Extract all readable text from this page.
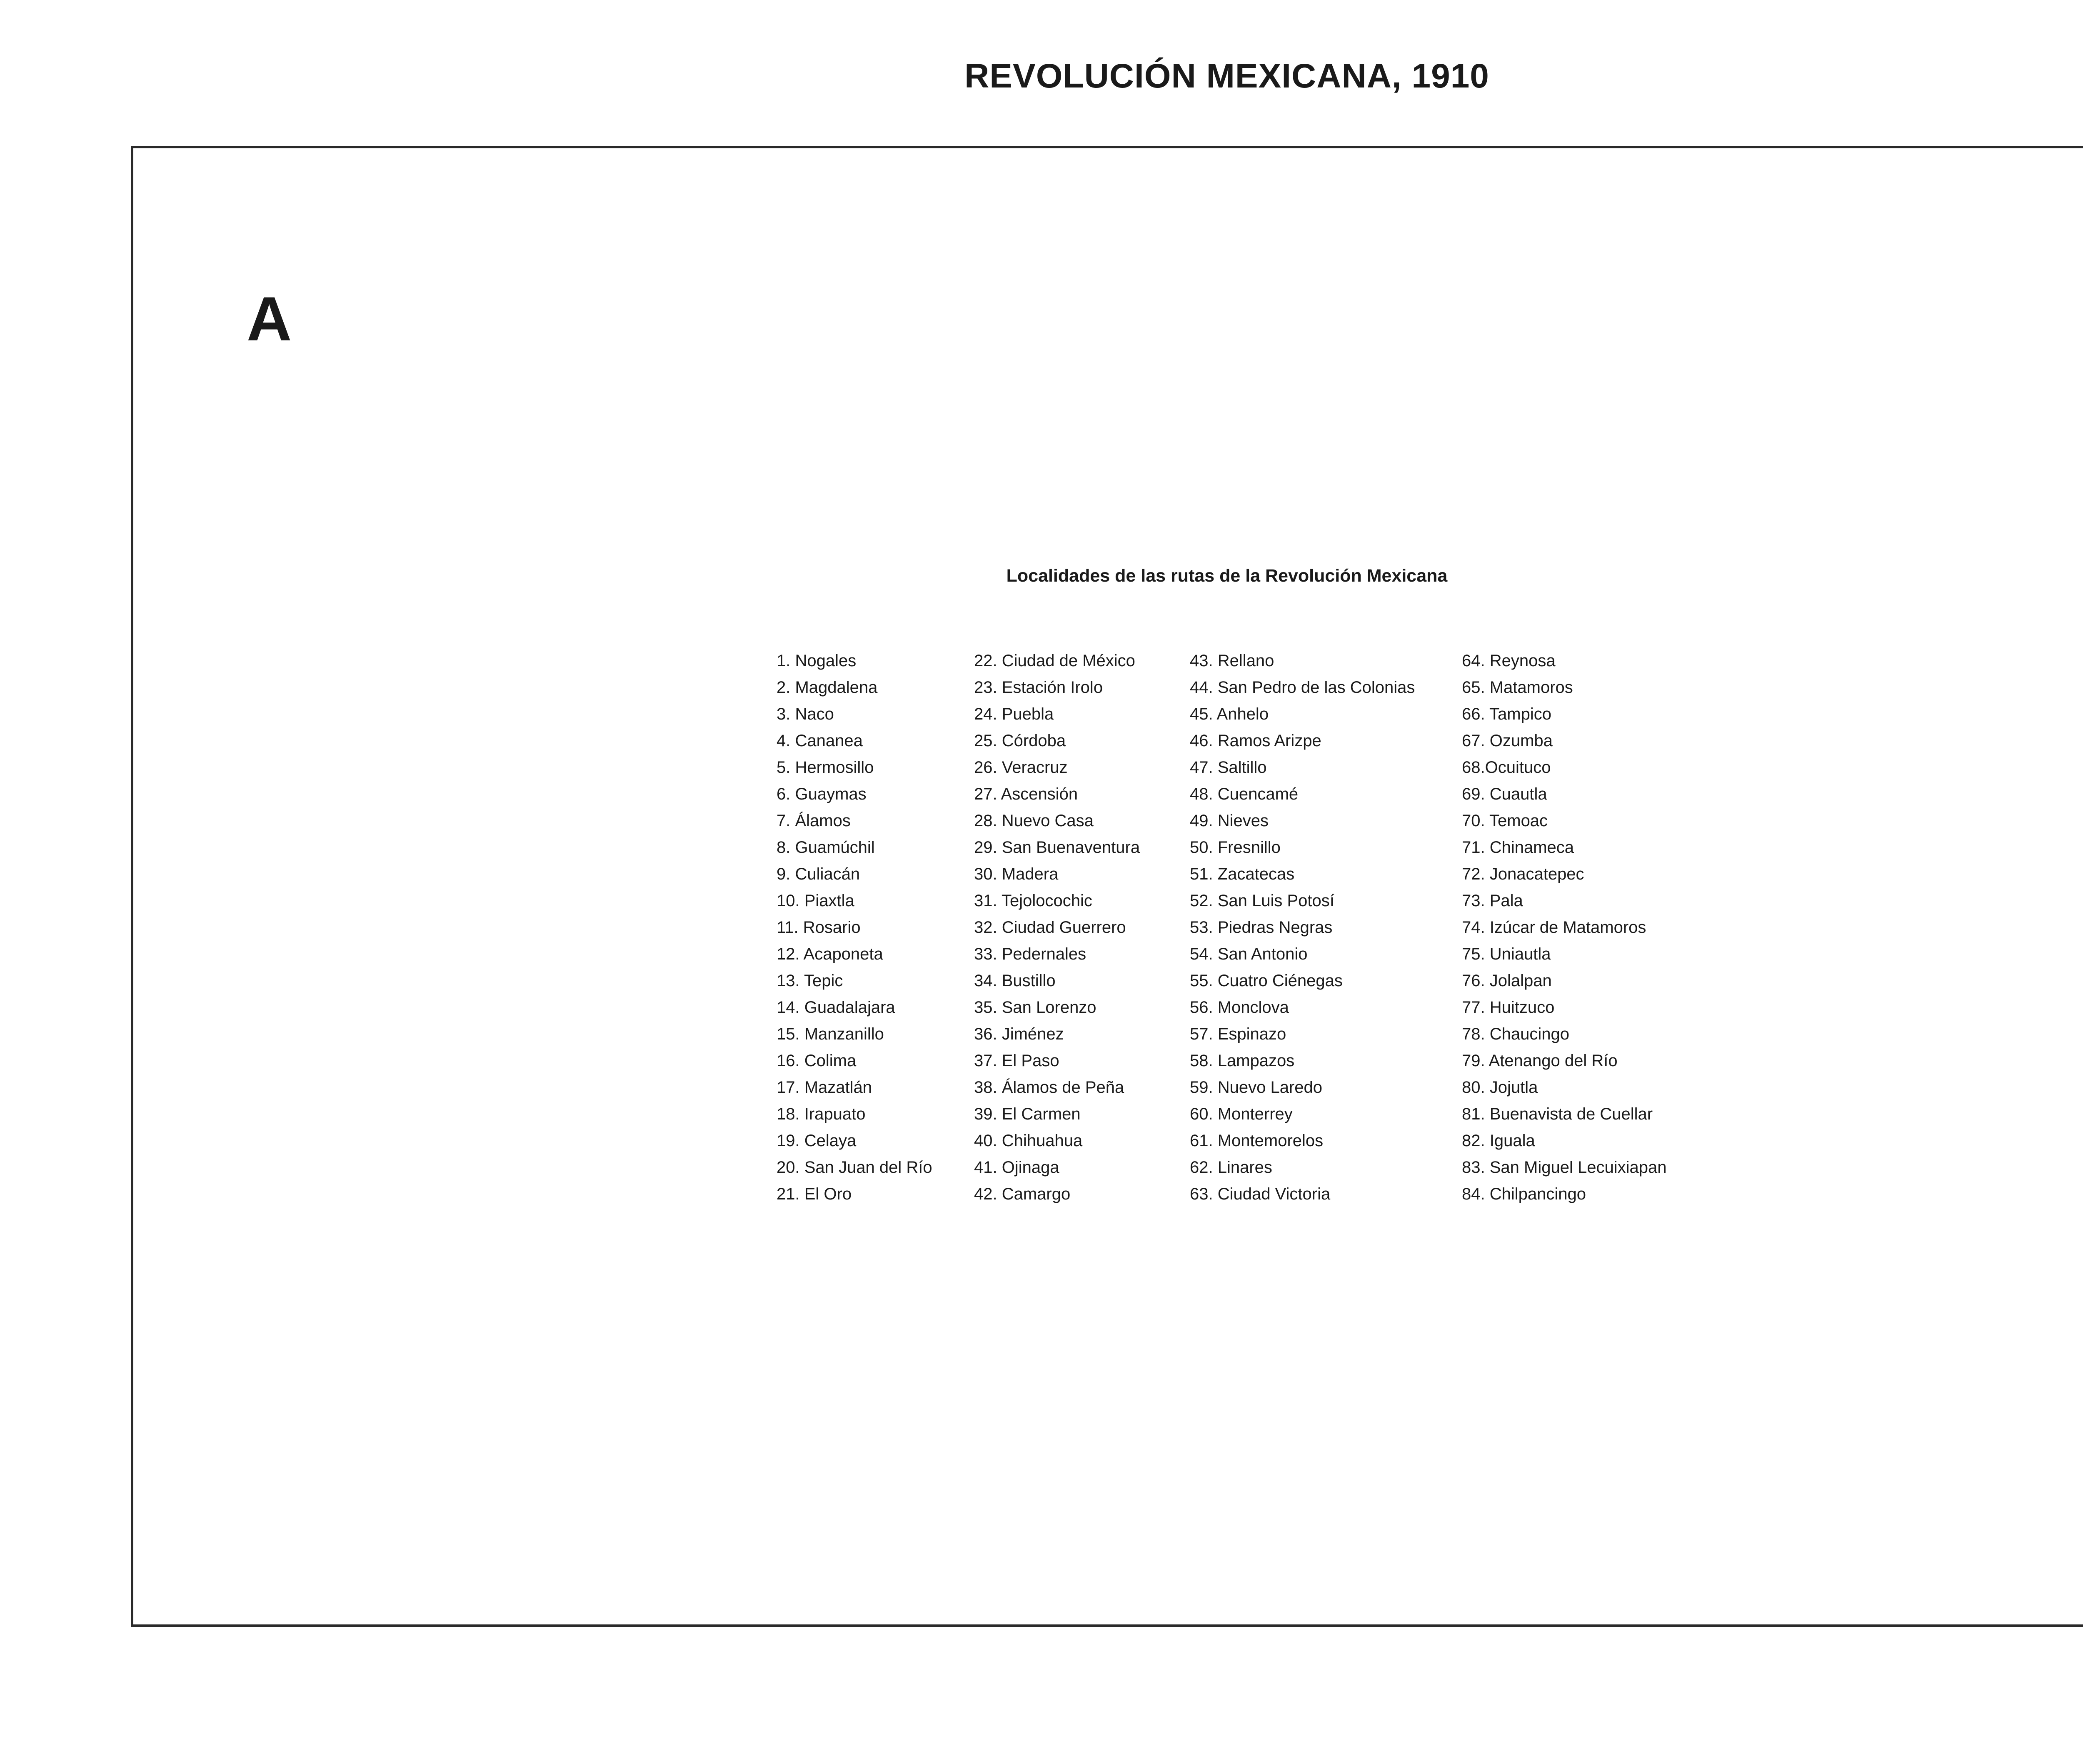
REVOLUCIÓN MEXICANA, 1910
A
Localidades de las rutas de la Revolución Mexicana
1. Nogales
2. Magdalena
3. Naco
4. Cananea
5. Hermosillo
6. Guaymas
7. Álamos
8. Guamúchil
9. Culiacán
10. Piaxtla
11. Rosario
12. Acaponeta
13. Tepic
14. Guadalajara
15. Manzanillo
16. Colima
17. Mazatlán
18. Irapuato
19. Celaya
20. San Juan del Río
21. El Oro
22. Ciudad de México
23. Estación Irolo
24. Puebla
25. Córdoba
26. Veracruz
27. Ascensión
28. Nuevo Casa
29. San Buenaventura
30. Madera
31. Tejolocochic
32. Ciudad Guerrero
33. Pedernales
34. Bustillo
35. San Lorenzo
36. Jiménez
37. El Paso
38. Álamos de Peña
39. El Carmen
40. Chihuahua
41. Ojinaga
42. Camargo
43. Rellano
44. San Pedro de las Colonias
45. Anhelo
46. Ramos Arizpe
47. Saltillo
48. Cuencamé
49. Nieves
50. Fresnillo
51. Zacatecas
52. San Luis Potosí
53. Piedras Negras
54. San Antonio
55. Cuatro Ciénegas
56. Monclova
57. Espinazo
58. Lampazos
59. Nuevo Laredo
60. Monterrey
61. Montemorelos
62. Linares
63. Ciudad Victoria
64. Reynosa
65. Matamoros
66. Tampico
67. Ozumba
68.Ocuituco
69. Cuautla
70. Temoac
71. Chinameca
72. Jonacatepec
73. Pala
74. Izúcar de Matamoros
75. Uniautla
76. Jolalpan
77. Huitzuco
78. Chaucingo
79. Atenango del Río
80. Jojutla
81. Buenavista de Cuellar
82. Iguala
83. San Miguel Lecuixiapan
84. Chilpancingo
